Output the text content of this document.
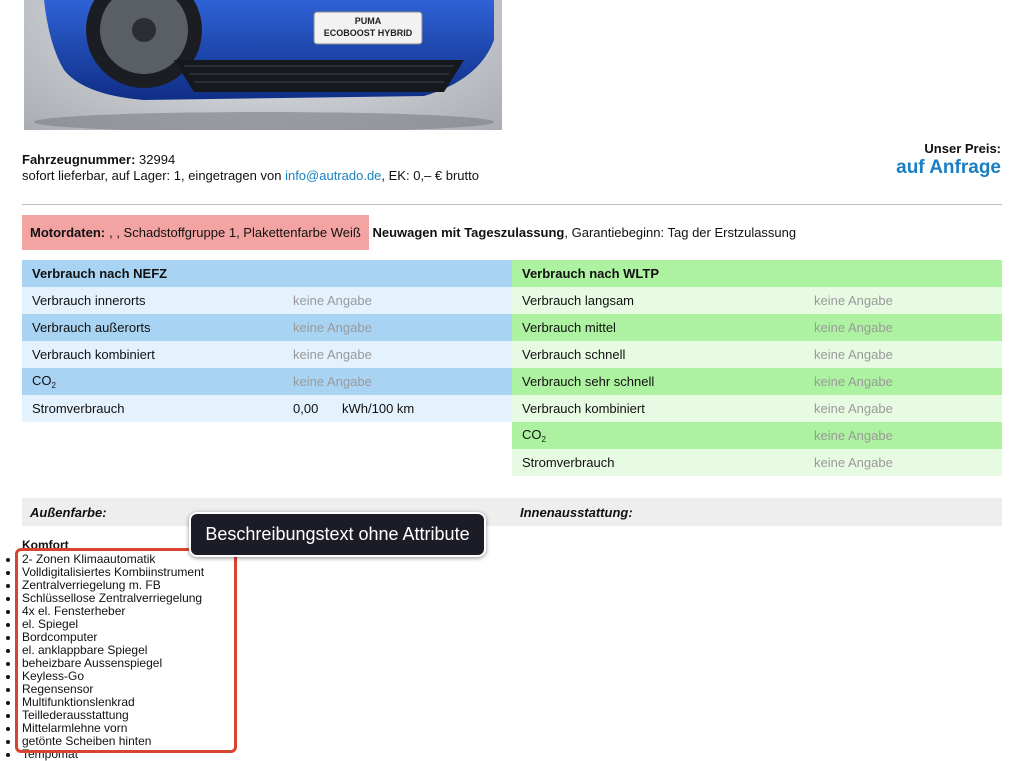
PUMA
ECOBOOST HYBRID
Fahrzeugnummer: 32994
sofort lieferbar, auf Lager: 1, eingetragen von info@autrado.de, EK: 0,– € brutto
Unser Preis:
auf Anfrage
Motordaten: , , Schadstoffgruppe 1, Plakettenfarbe Weiß Neuwagen mit Tageszulassung, Garantiebeginn: Tag der Erstzulassung
Verbrauch nach NEFZ
Verbrauch innerorts	keine Angabe
Verbrauch außerorts	keine Angabe
Verbrauch kombiniert	keine Angabe
$CO_2$	keine Angabe
Stromverbrauch	0,00 kWh/100 km
Verbrauch nach WLTP
Verbrauch langsam	keine Angabe
Verbrauch mittel	keine Angabe
Verbrauch schnell	keine Angabe
Verbrauch sehr schnell	keine Angabe
Verbrauch kombiniert	keine Angabe
$CO_2$	keine Angabe
Stromverbrauch	keine Angabe
Außenfarbe:	Innenausstattung:
Komfort
2- Zonen Klimaautomatik
Volldigitalisiertes Kombiinstrument
Zentralverriegelung m. FB
Schlüssellose Zentralverriegelung
4x el. Fensterheber
el. Spiegel
Bordcomputer
el. anklappbare Spiegel
beheizbare Aussenspiegel
Keyless-Go
Regensensor
Multifunktionslenkrad
Teillederausstattung
Mittelarmlehne vorn
getönte Scheiben hinten
Tempomat
Beschreibungstext ohne Attribute
